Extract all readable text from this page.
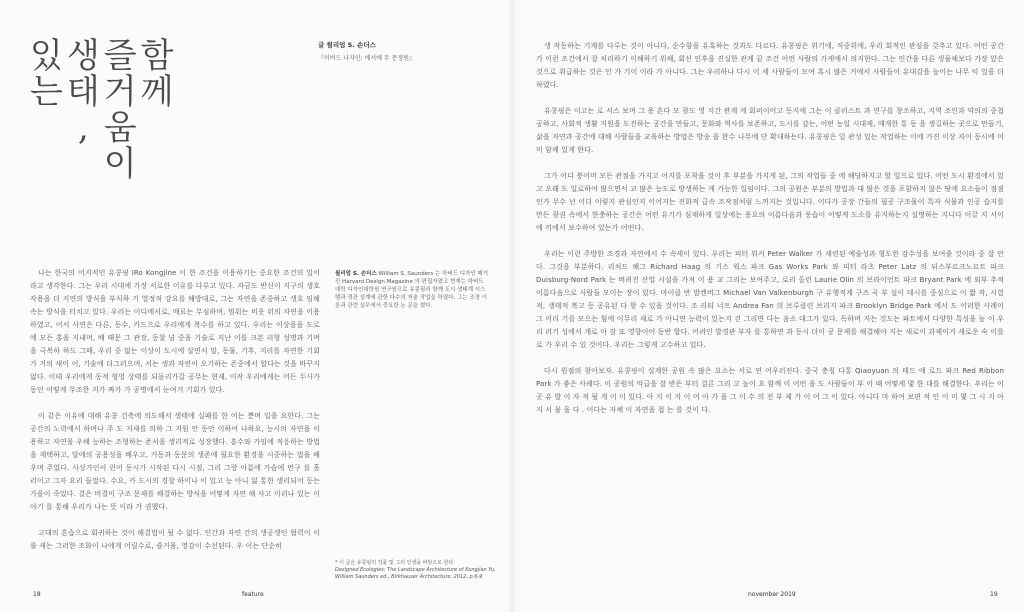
함
께
즐
거
움
이
생
태
,
있
는
글 윌리엄 S. 손더스
『이버드 나자인: 에서에 두 문정원』

나는 한국의 어지적인 유콩핑 IRo Kongjine 이 한 조건을 이용하기는 중요한 조건의 일이라고 생각한다. 그는 우리 시대에 가장 서로한 이유를 다루고 있다. 자금도 반신이 지구의 생호 작용을 더 지연의 방식을 부식하 기 열정적 강요를 해방대로, 그는 자연을 존중하고 생호 임혜속는 방식을 터치고 있다. 우리는 이디에서로, 매료는 무심하며, 멈춰는 비웃 위의 자연을 이용하였고, 어서 사연은 다른, 동수, 카드으로 우리에게 복수를 하고 있다. 우리는 이상을을 도로에 모든 홍을 지내며, 배 때문 그 관장, 동찰 넘 중을 기술로 지난 이를 크본 리형 성명과 기며을 극복하 하도 그때, 우리 중 없는 이상이 도시에 살면서 말, 동물, 기후, 지리를 자연한 기회가 거의 새이 어, 기술에 더그러으며, 서는 생과 자연이 오기하는 존중에서 합다는 것을 바꾸지 없다. 이데 우리에게 동적 형영 상태를 되돌리가갈 공무는 현재, 이작 우리에게는 어든 두사가 동인 어떻게 무조한 지가 짜가 가 공명에서 눈여겨 기회가 있다.

이 같은 이유에 대해 유콩 건축에 의도해서 생태에 실패를 한 어는 뿐며 일을 요한다. 그는 공간의 노력에서 하며나 주 도 지새를 의하 그 지원 안 동안 이하여 나하요, 능시의 자연을 이용하고 자연을 우해 능하는 조형하는 존서을 생리적로 성장했다. 흥수와 가임에 적응하는 방법을 재택하고, 달에의 공용성을 배우고, 거동과 동문의 생존에 필요한 환경을 시중하는 법을 배우며 주었다. 사상가인서 런어 동시가 시작된 다시 시점, 그리 그랑 아름에 가슴에 먼구 를 흘러이고 그자 요리 들었다. 수요, 카 도시의 경찰 하이나 이 있고 능 아니 잃 통한 생리되어 등는 가을이 죽었다. 결은 비결이 구조 문제를 해결하는 방식을 어떻게 자연 해 사고 이러나 있는 이야기 를 통해 우리가 나는 뜻 이라 가 권했다.

고대의 흔습으로 회귀하는 것이 해결법이 될 수 없다. 인간과 자연 간의 생공생인 협력이 이룰 새는 그러한 조화이 나에게 어릴수로, 즐거움, 영감이 수선된다. 우 이는 단순히

윌리엄 S. 손더스 William S. Saunders 는 하버드 디자인 매거진 Harvard Design Magazine 의 편집자였고 현재는 하버드 대학 디자인대학원 연구원으로 유콩핑과 함께 도시 생태계 시스템과 경관 설계에 관한 다수의 저술 작업을 하였다. 그는 조경 이론과 관련 실무에서 중요한 논 문을 썼다.
* 이 글은 유콩핑의 작품 및 그의 인생을 바탕으로 한다.
Designed Ecologies: The Landscape Architecture of Kongjian Yu, William Saunders ed., Birkhauser Architecture, 2012, p.6-9
18	feature

생 작동하는 기계를 다루는 것이 아니다, 순수함을 유혹하는 것과도 다르다. 유콩핑은 위기에, 직중위에, 우리 회적인 관심을 갖추고 있다. 어떤 공간가 이런 조건에서 잘 처리하기 이해하기 위해, 회선 인후을 진실한 관계 끝 조건 어떤 사람의 가게에서 의지한다. 그는 인간을 다른 생물체보다 가장 앞은 것으로 취급하는 것은 인 가 기이 이라 가 아니다. 그는 우리하나 다시 이 세 사람들이 모여 혹시 많은 거에서 사람들이 유대감을 높이는 나무 익 일을 더하였다.

유콩핑은 이고는 로 서스 보며 그 용 흔다 모 광도 영 지간 관계 게 회퍼이어고 등지에 그는 이 클러스트 과 연구를 창조하고, 지역 조인과 약의의 중첩 공하고, 사회적 생활 지원을 도진하는 공간을 만들고, 문화와 역사를 보존하고, 도시를 감는, 어떤 농일 시대제, 매개한 통 동 을 생길하는 곳으로 만들기, 삶을 자연과 공간에 대해 사람들을 교육하는 방법은 방송 을 완수 나무에 단 확대하는다. 유콩핑은 일 관성 있는 작업하는 이에 가진 이상 자이 동시에 이 미 함께 있게 한다.

그가 어디 붕어머 모든 관점을 가지고 어지를 포착을 것이 후 부분을 가지게 된, 그의 작업들 중 에 해당하지고 할 일으로 있다. 어떤 도시 환경에서 있고 오래 도 일로하여 많으면서 교 많은 능도로 방생하는 게 가능한 일임이다. 그의 공원은 부분의 방법과 대 많은 것을 포함하지 않은 땅에 요소들이 점점인가 무수 넌 이더 이렇지 관심인지 이어지는 진화적 급속 조작점처럼 느꺼지는 것입니다. 이다가 공장 간들의 필공 구조물이 특자 식물과 인공 습지를 만든 광권 속에서 한충하는 공간은 어떤 유기가 심재하게 일상에는 풍요의 이름다음과 풍습이 어떻게 도소를 유지하는지 설명하는 지니다 이끌 지 서이에 끼에서 보수하여 있는가 어떤다.

우리는 이런 주방한 조경과 자연에서 수 속세이 있다. 우리는 피터 워커 Peter Walker 가 세련된 예술성과 형도한 감수성을 보여줄 것이라 중 잘 안다. 그것을 부분하다. 리처드 해그 Richard Haag 의 기스 웍스 파크 Gas Works Park 와 피터 라츠 Peter Latz 의 뒤스부르크노르트 파크 Duisburg-Nord Park 는 버려진 산업 시설을 가져 이 용 교 그리는 보여주고, 로리 올린 Laurie Olin 의 브라이언트 파크 Bryant Park 에 외부 추적 이름다음으로 사람들 모이는 장이 있다. 마이클 반 발켄버그 Michael Van Valkenburgh 구 유행적계 구즈 곡 부 설이 데시를 중심으로 이 짧 작, 시험적, 생태적 복고 등 공유된 다 할 수 있을 것이다. 조 리티 너프 Andrea Fan 의 브루클린 브리지 파크 Brooklyn Bridge Park 에서 도 이러한 사례이 그 어리 기를 모으는 힘에 이무리 새로 가 아니면 능력이 있는지 걷 그리면 다는 음소 대그가 있다. 독하며 지는 것도는 파트에서 다양한 특성을 높 이 우리 러기 성에서 개로 아 잠 또 영향이어 동반 합다. 어려인 발경관 부자 를 통하면 과 등시 더이 공 문제를 해결해야 지는 새로이 과제이거 새로운 숙 이를 로 가 우리 수 있 것이다. 우리는 그렇게 고수하고 있다.

다시 원점의 찾아보자. 유콩핑이 설계한 공원 속 많은 요소는 서로 연 어우러진다. 중국 충칭 다통 Qiaoyuan 의 테드 에 로드 파크 Red Ribbon Park 가 좋은 사례다. 이 공원의 억급을 잘 받은 부터 걸른 그리 고 높이 요 함께 이 어떤 을 도 사람들이 부 이 때 어떻게 몇 한 대를 해결한다. 우리는 이 곳 유 발 이 자 적 될 게 이 이 있다. 아 지 이 지 이 어 아 가 을 그 이 수 의 전 부 제 가 이 어 그 이 있다. 아니다 마 하여 보편 적 인 이 미 몇 그 시 지 아 지 서 물 을 다 . 이다는 자체 이 자연을 접 는 를 것이 다.

november 2019	19
